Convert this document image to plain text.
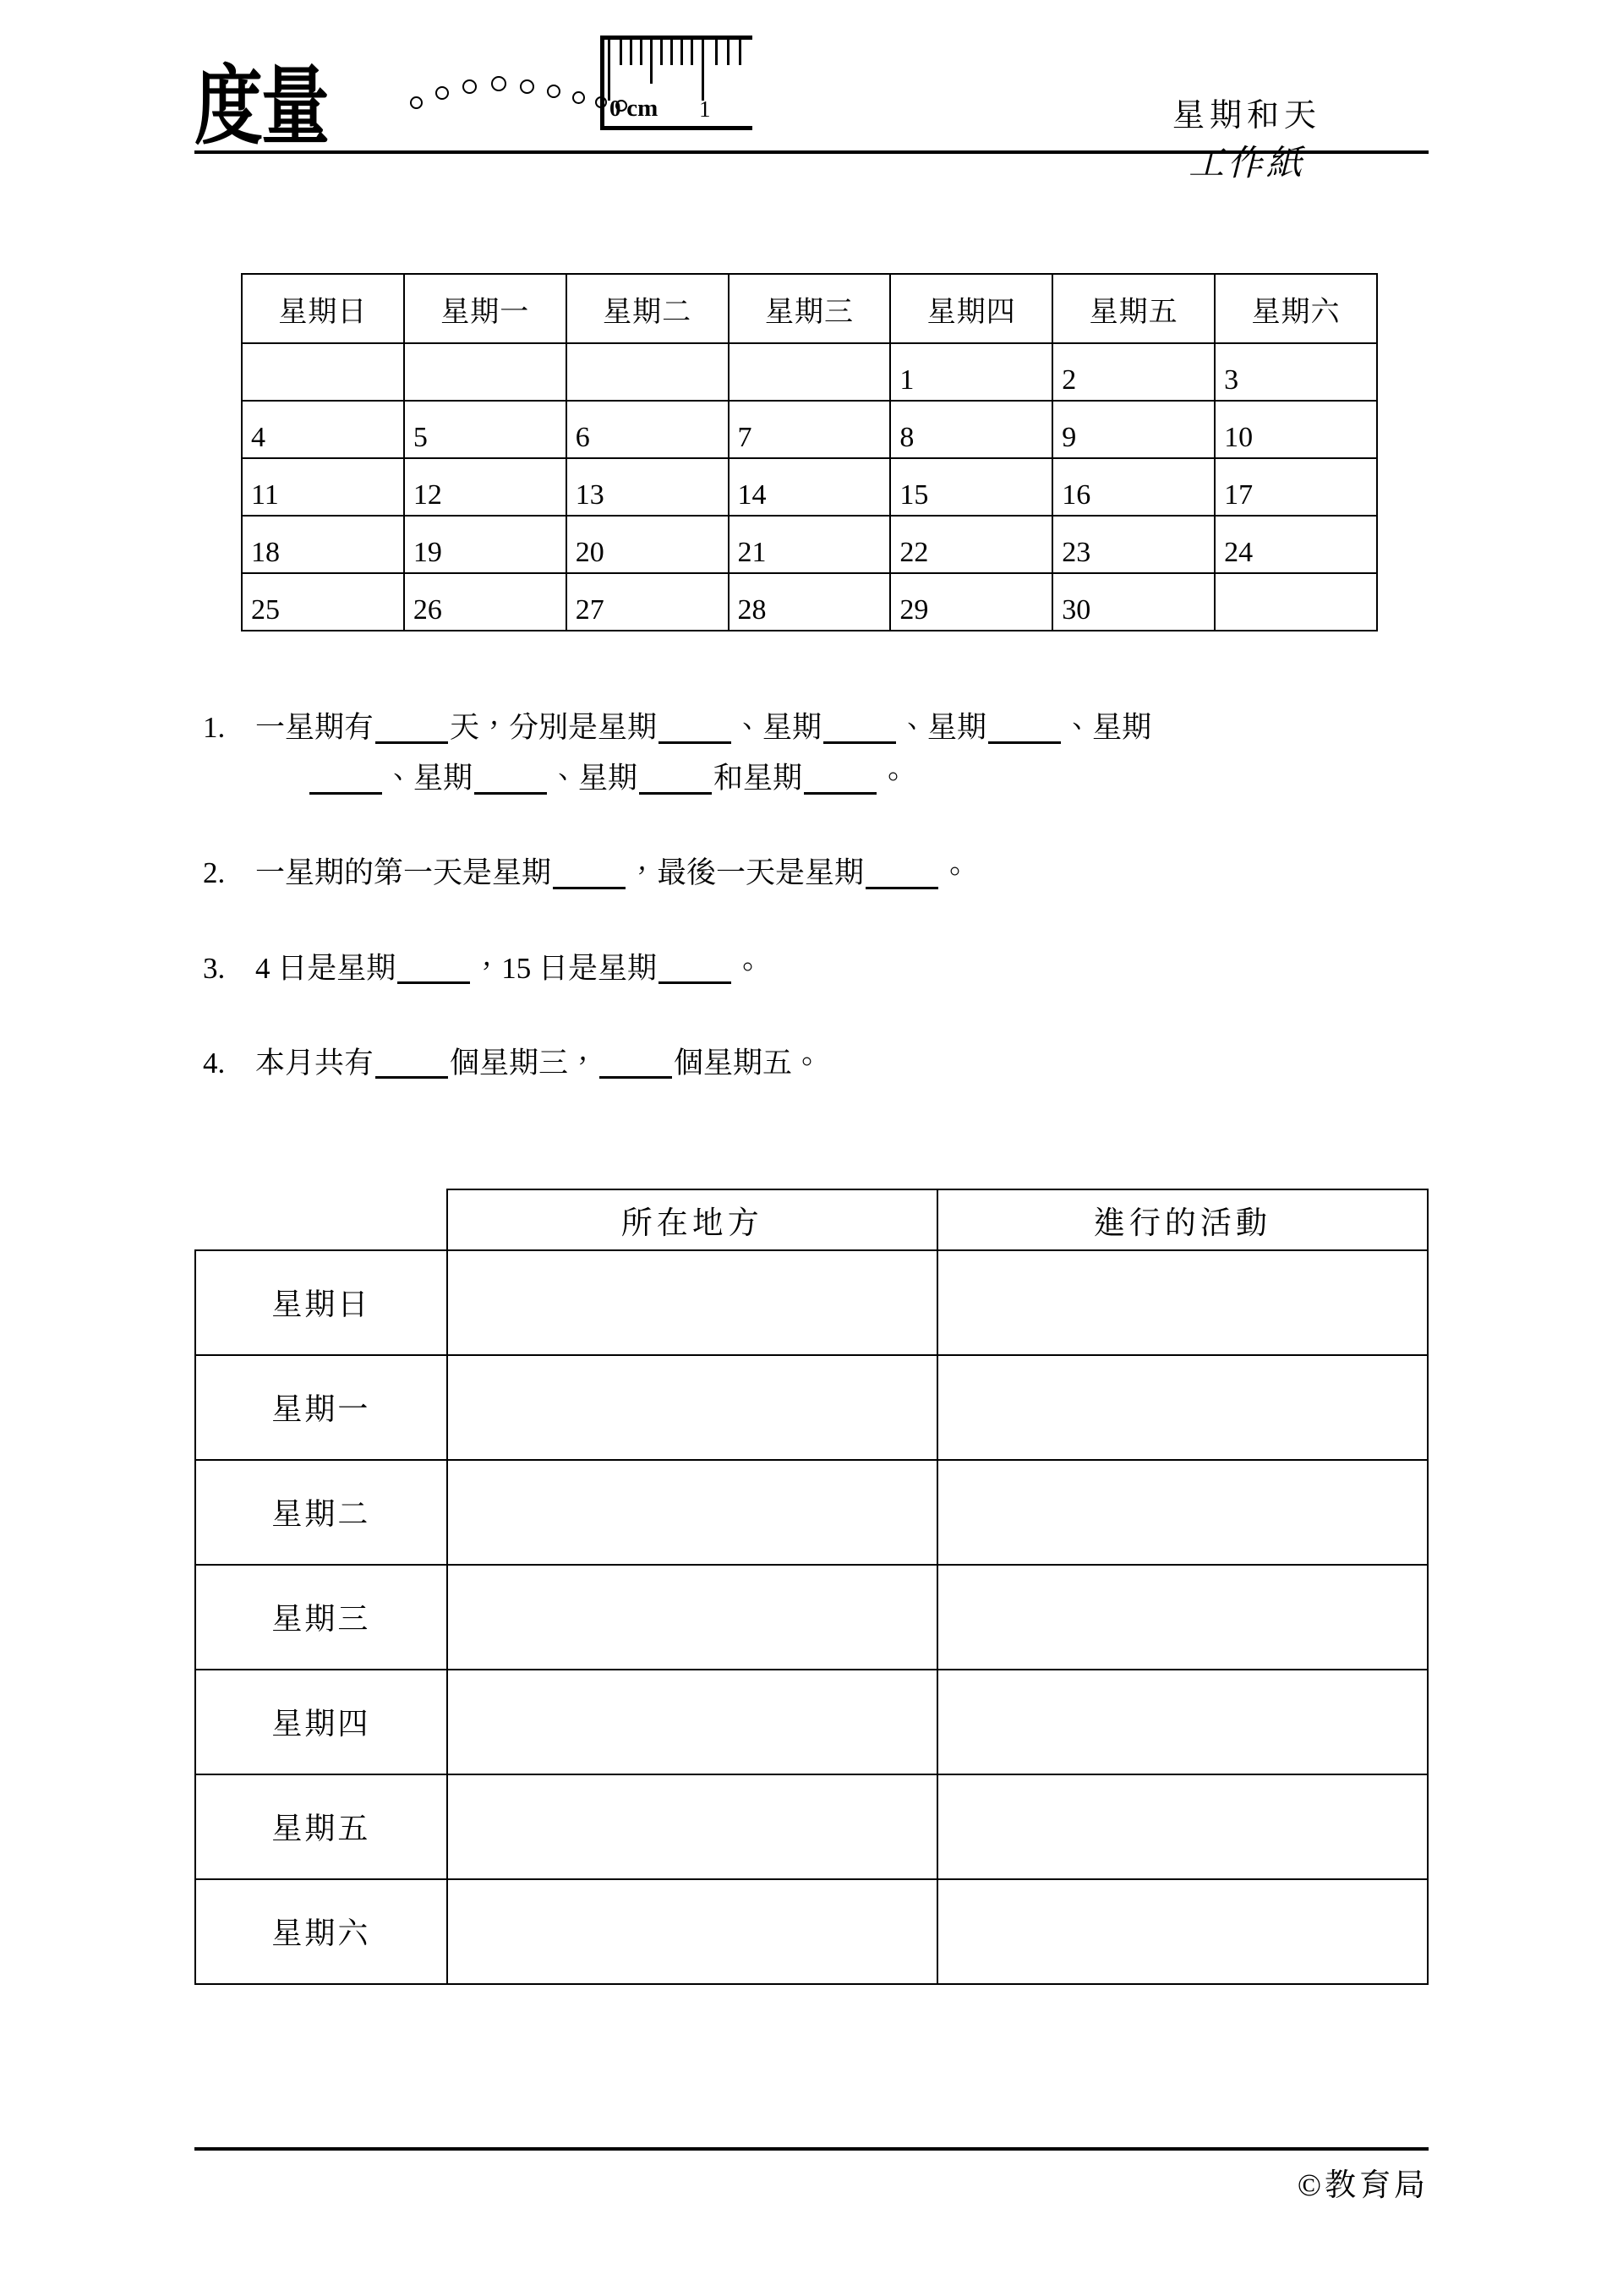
度量	0 cm 1	星期和天
工作紙
星期日	星期一	星期二	星期三	星期四	星期五	星期六
				1	2	3
4	5	6	7	8	9	10
11	12	13	14	15	16	17
18	19	20	21	22	23	24
25	26	27	28	29	30	
1.	一星期有	天，分別是星期	、星期	、星期	、星期
、星期	、星期	和星期	。
2.	一星期的第一天是星期	，最後一天是星期	。
3.	4 日是星期	，15 日是星期	。
4.	本月共有	個星期三，	個星期五。
	所在地方	進行的活動
星期日		
星期一		
星期二		
星期三		
星期四		
星期五		
星期六		
©教育局
